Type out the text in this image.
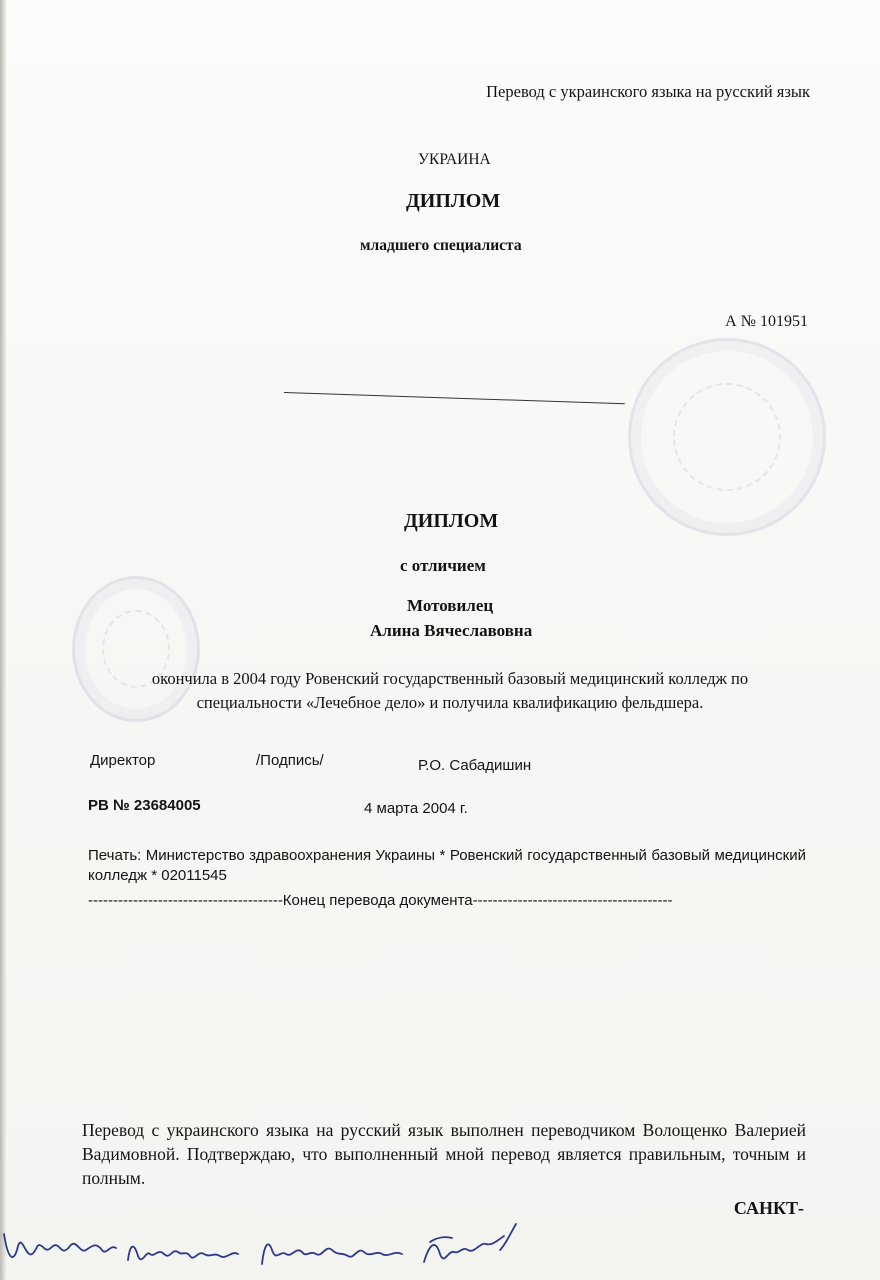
Перевод с украинского языка на русский язык
УКРАИНА
ДИПЛОМ
младшего специалиста
А № 101951
ДИПЛОМ
с отличием
Мотовилец
Алина Вячеславовна
окончила в 2004 году Ровенский государственный базовый медицинский колледж по специальности «Лечебное дело» и получила квалификацию фельдшера.
Директор	/Подпись/	Р.О. Сабадишин
РВ № 23684005	4 марта 2004 г.
Печать: Министерство здравоохранения Украины * Ровенский государственный базовый медицинский колледж * 02011545
---------------------------------------Конец перевода документа----------------------------------------
Перевод с украинского языка на русский язык выполнен переводчиком Волощенко Валерией Вадимовной. Подтверждаю, что выполненный мной перевод является правильным, точным и полным.
САНКТ-
